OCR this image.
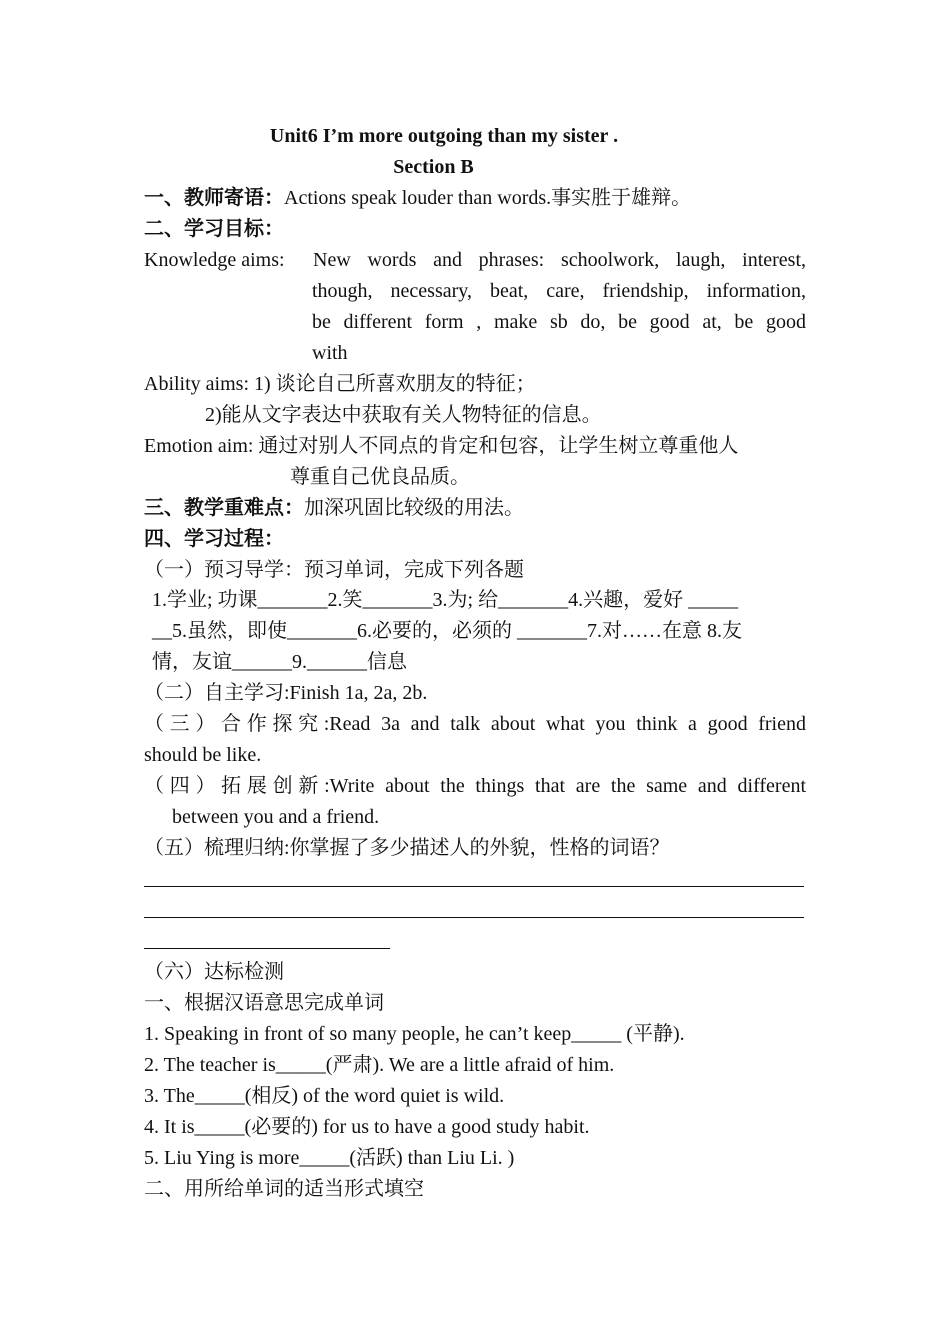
Unit6 I’m more outgoing than my sister .
Section B
一、教师寄语：Actions speak louder than words.事实胜于雄辩。
二、学习目标：
Knowledge aims:	New words and phrases: schoolwork, laugh, interest,
though, necessary, beat, care, friendship, information,
be different form , make sb do, be good at, be good
with
Ability aims: 1) 谈论自己所喜欢朋友的特征；
2)能从文字表达中获取有关人物特征的信息。
Emotion aim: 通过对别人不同点的肯定和包容，让学生树立尊重他人
尊重自己优良品质。
三、教学重难点：加深巩固比较级的用法。
四、学习过程：
（一）预习导学：预习单词，完成下列各题
1.学业; 功课_______2.笑_______3.为; 给_______4.兴趣，爱好 _____
__5.虽然，即使_______6.必要的，必须的 _______7.对……在意 8.友
情，友谊______9.______信息
（二）自主学习:Finish 1a, 2a, 2b.
（三）合作探究:Read 3a and talk about what you think a good friend
should be like.
（四）拓展创新:Write about the things that are the same and different
between you and a friend.
（五）梳理归纳:你掌握了多少描述人的外貌，性格的词语？
（六）达标检测
一、根据汉语意思完成单词
1. Speaking in front of so many people, he can’t keep_____ (平静).
2. The teacher is_____(严肃). We are a little afraid of him.
3. The_____(相反) of the word quiet is wild.
4. It is_____(必要的) for us to have a good study habit.
5. Liu Ying is more_____(活跃) than Liu Li. )
二、用所给单词的适当形式填空
